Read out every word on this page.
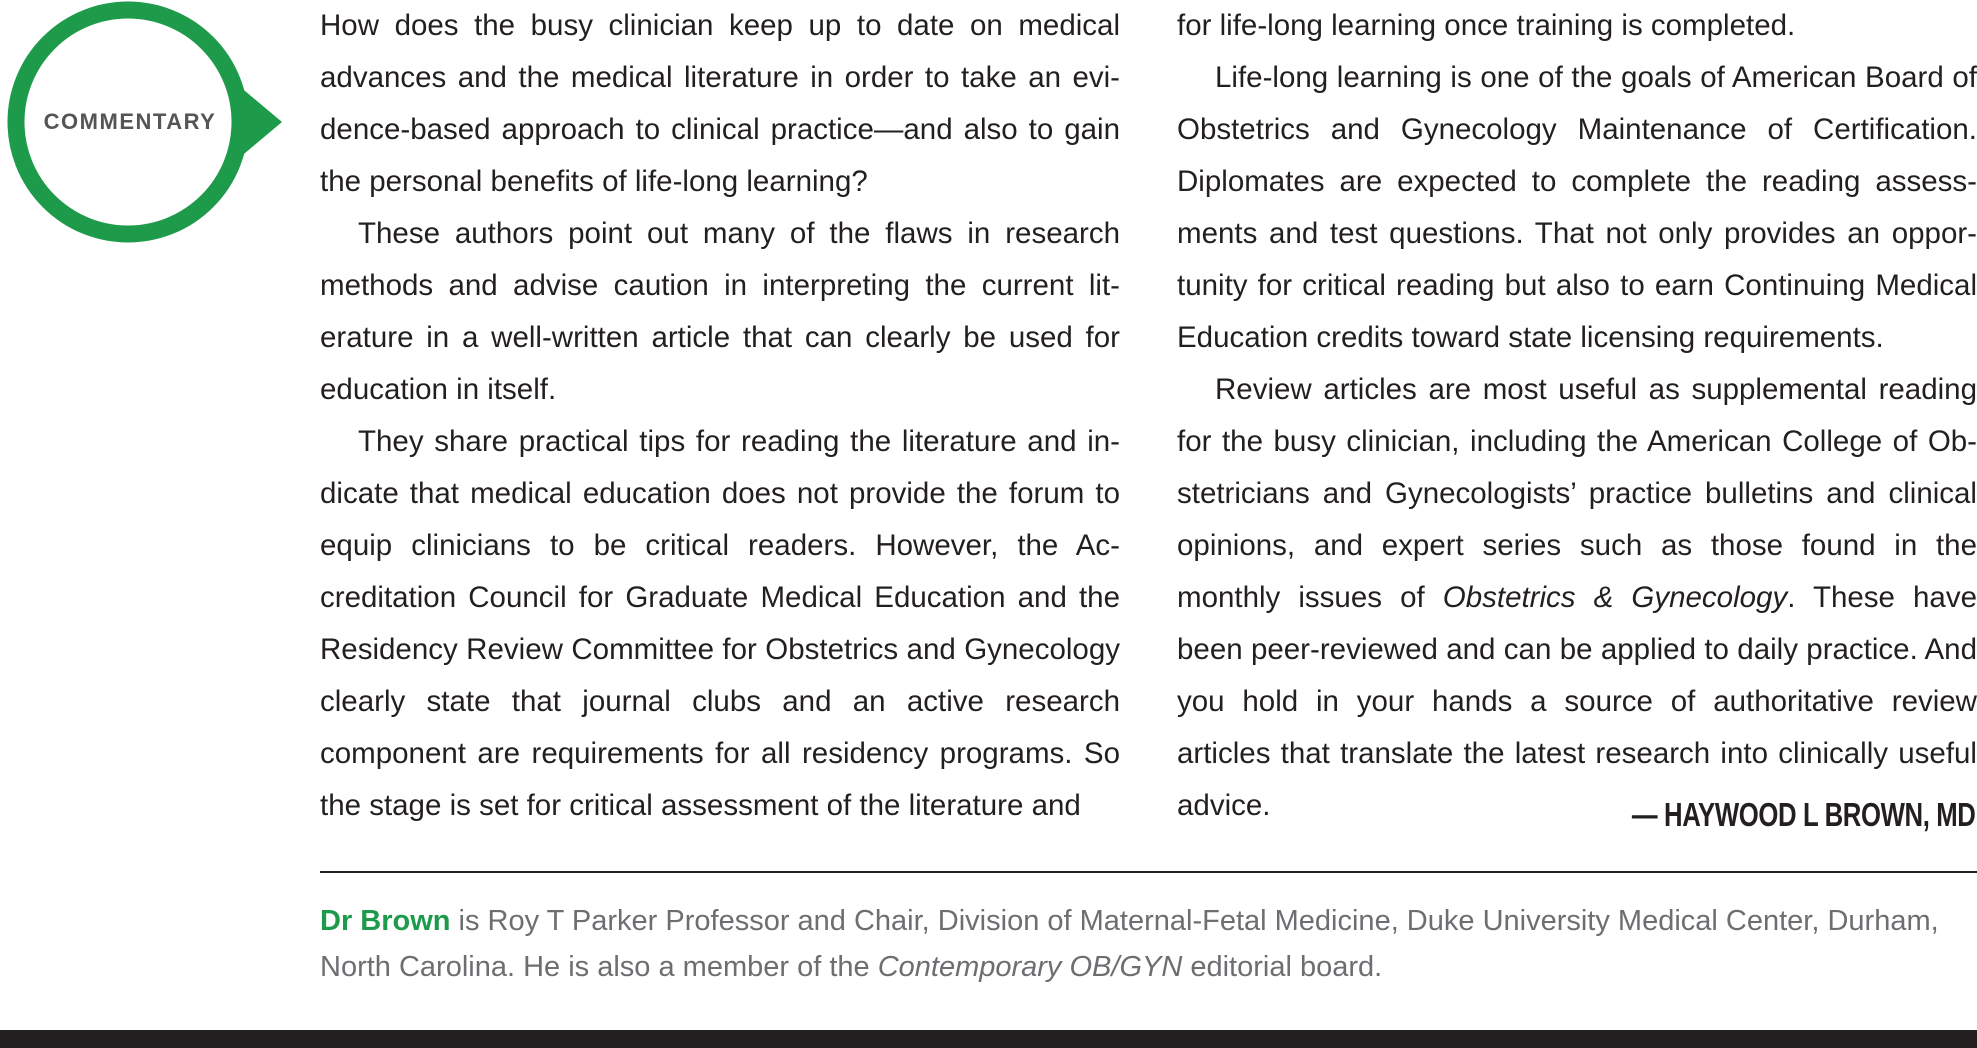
COMMENTARY

How does the busy clinician keep up to date on medical advances and the medical literature in order to take an evidence-based approach to clinical practice—and also to gain the personal benefits of life-long learning?

These authors point out many of the flaws in research methods and advise caution in interpreting the current literature in a well-written article that can clearly be used for education in itself.

They share practical tips for reading the literature and indicate that medical education does not provide the forum to equip clinicians to be critical readers. However, the Accreditation Council for Graduate Medical Education and the Residency Review Committee for Obstetrics and Gynecology clearly state that journal clubs and an active research component are requirements for all residency programs. So the stage is set for critical assessment of the literature and

for life-long learning once training is completed.

Life-long learning is one of the goals of American Board of Obstetrics and Gynecology Maintenance of Certification. Diplomates are expected to complete the reading assessments and test questions. That not only provides an opportunity for critical reading but also to earn Continuing Medical Education credits toward state licensing requirements.

Review articles are most useful as supplemental reading for the busy clinician, including the American College of Obstetricians and Gynecologists’ practice bulletins and clinical opinions, and expert series such as those found in the monthly issues of Obstetrics & Gynecology. These have been peer-reviewed and can be applied to daily practice. And you hold in your hands a source of authoritative review articles that translate the latest research into clinically useful advice.	— HAYWOOD L BROWN, MD
Dr Brown is Roy T Parker Professor and Chair, Division of Maternal-Fetal Medicine, Duke University Medical Center, Durham, North Carolina. He is also a member of the Contemporary OB/GYN editorial board.
